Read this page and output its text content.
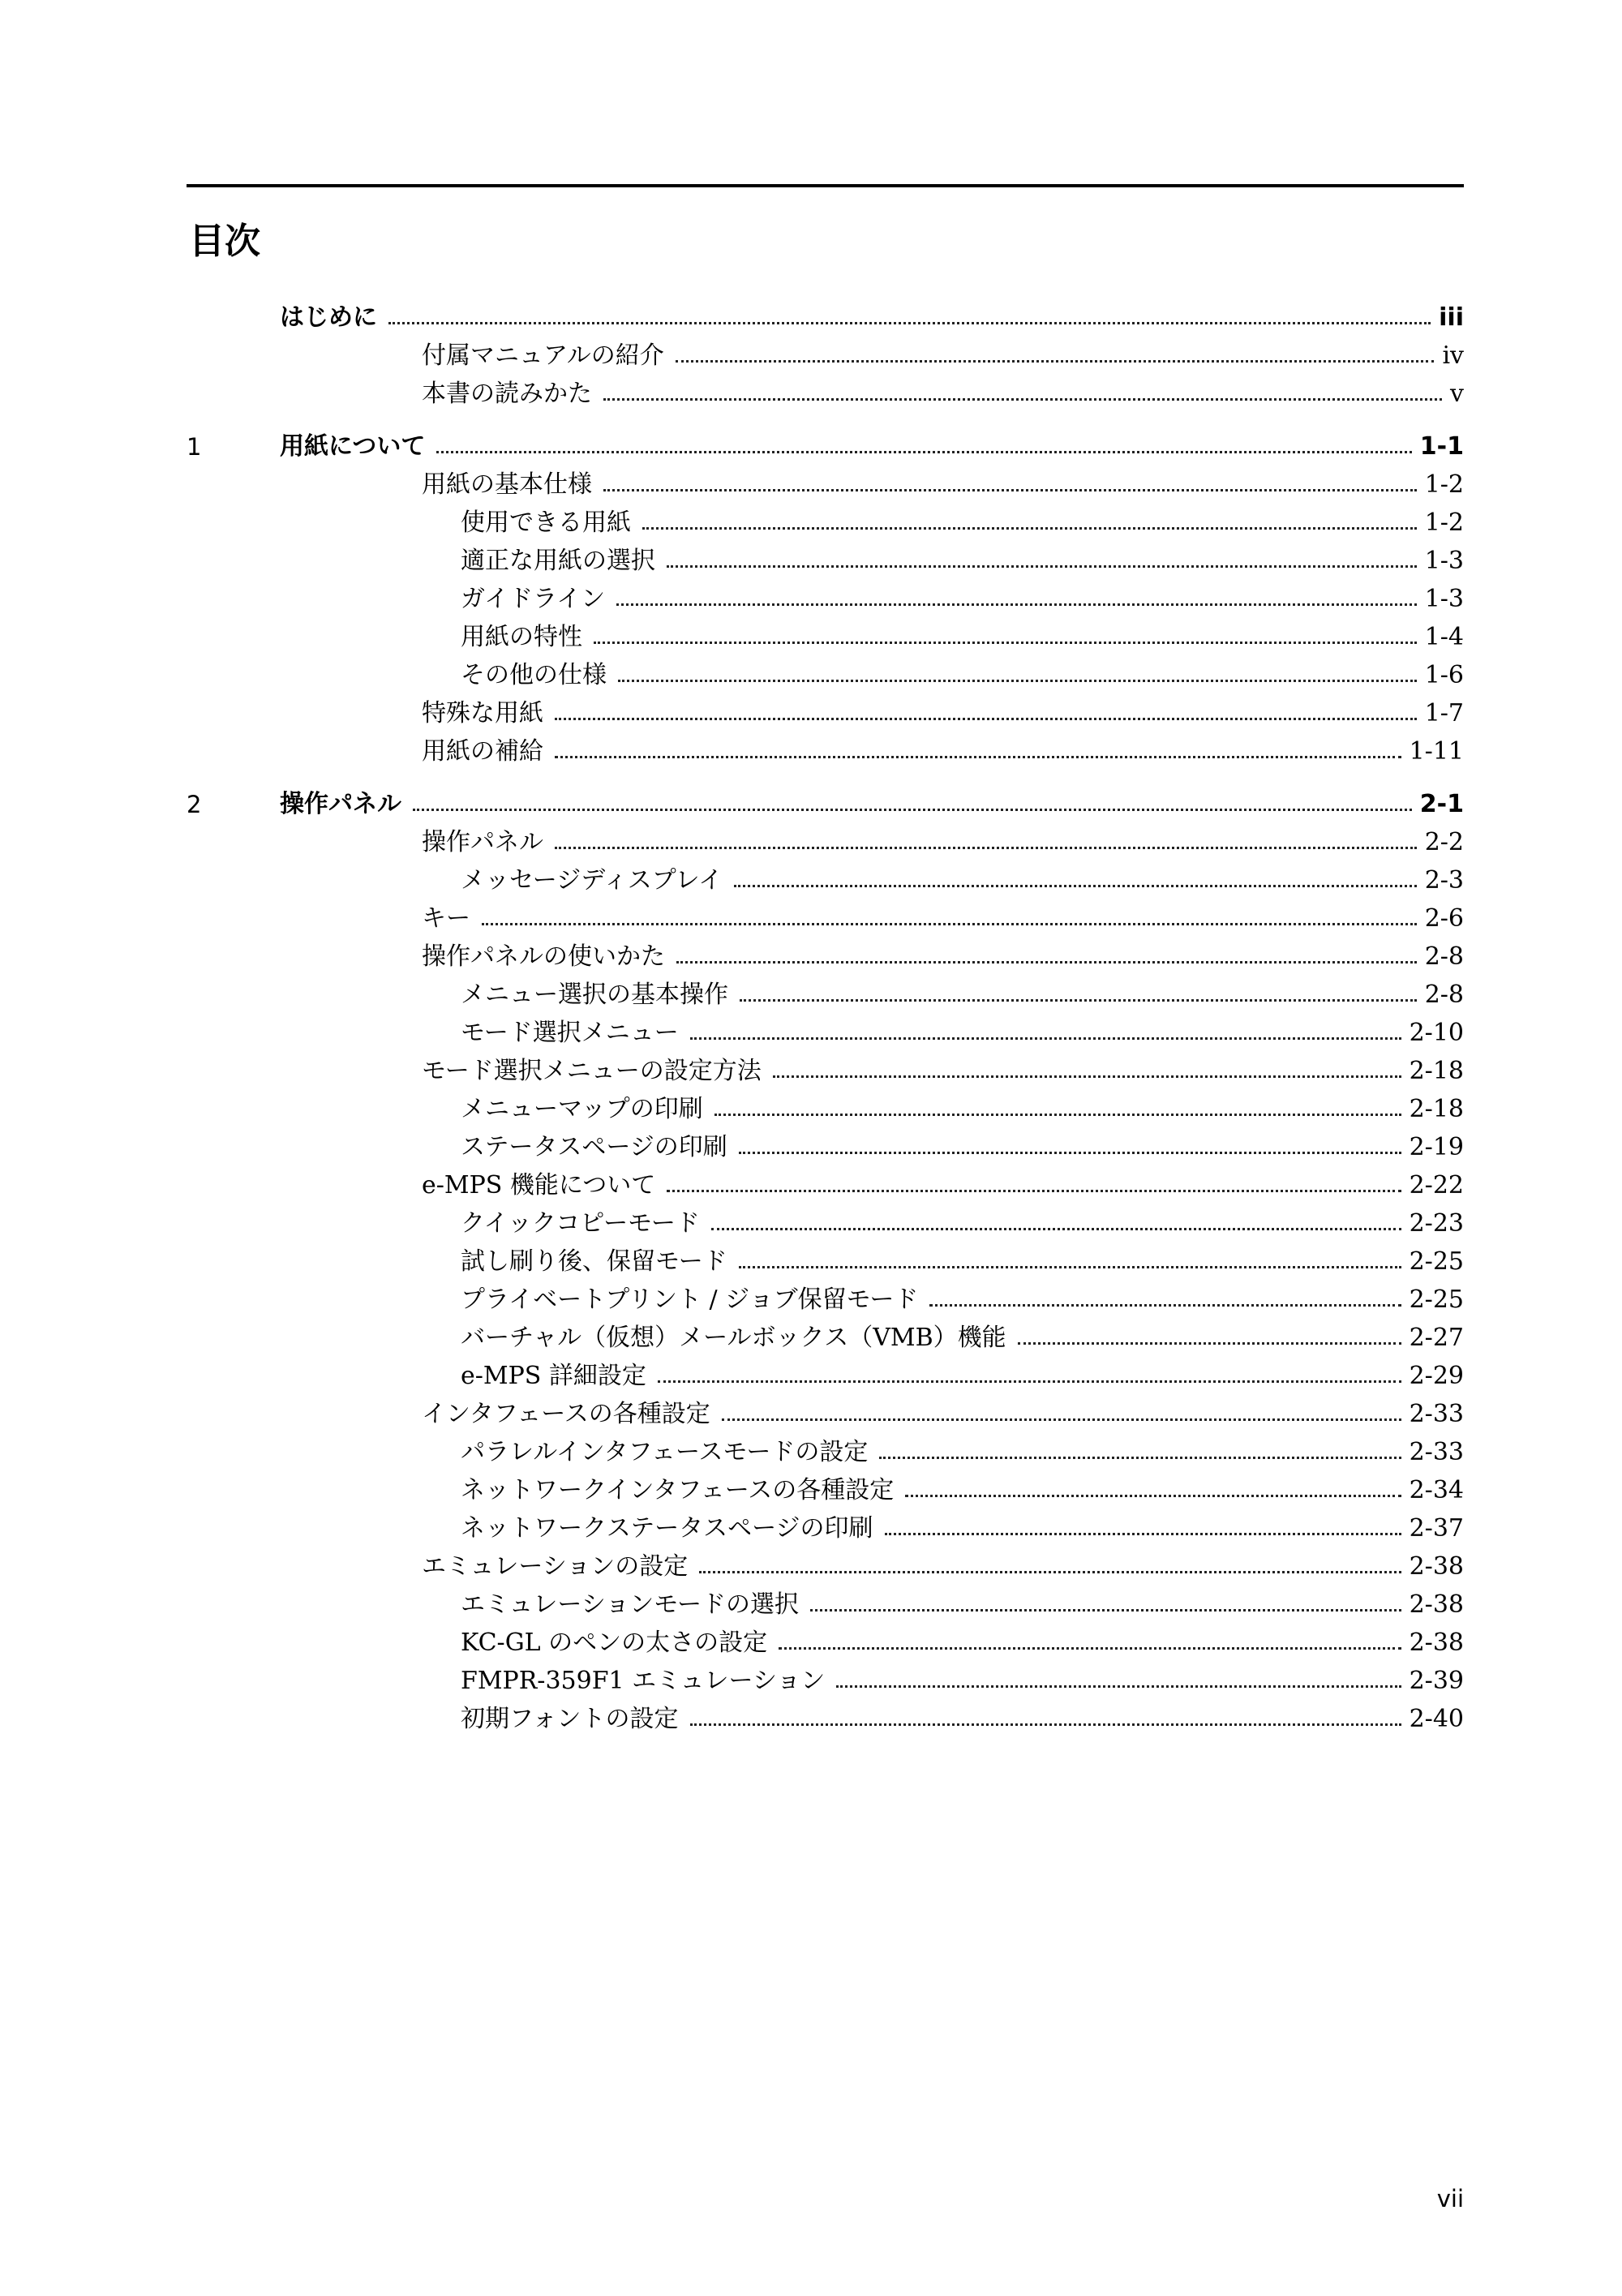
目次
はじめに	iii
付属マニュアルの紹介	iv
本書の読みかた	v
1	用紙について	1-1
用紙の基本仕様	1-2
使用できる用紙	1-2
適正な用紙の選択	1-3
ガイドライン	1-3
用紙の特性	1-4
その他の仕様	1-6
特殊な用紙	1-7
用紙の補給	1-11
2	操作パネル	2-1
操作パネル	2-2
メッセージディスプレイ	2-3
キー	2-6
操作パネルの使いかた	2-8
メニュー選択の基本操作	2-8
モード選択メニュー	2-10
モード選択メニューの設定方法	2-18
メニューマップの印刷	2-18
ステータスページの印刷	2-19
e-MPS 機能について	2-22
クイックコピーモード	2-23
試し刷り後、保留モード	2-25
プライベートプリント / ジョブ保留モード	2-25
バーチャル（仮想）メールボックス（VMB）機能	2-27
e-MPS 詳細設定	2-29
インタフェースの各種設定	2-33
パラレルインタフェースモードの設定	2-33
ネットワークインタフェースの各種設定	2-34
ネットワークステータスページの印刷	2-37
エミュレーションの設定	2-38
エミュレーションモードの選択	2-38
KC-GL のペンの太さの設定	2-38
FMPR-359F1 エミュレーション	2-39
初期フォントの設定	2-40
vii
